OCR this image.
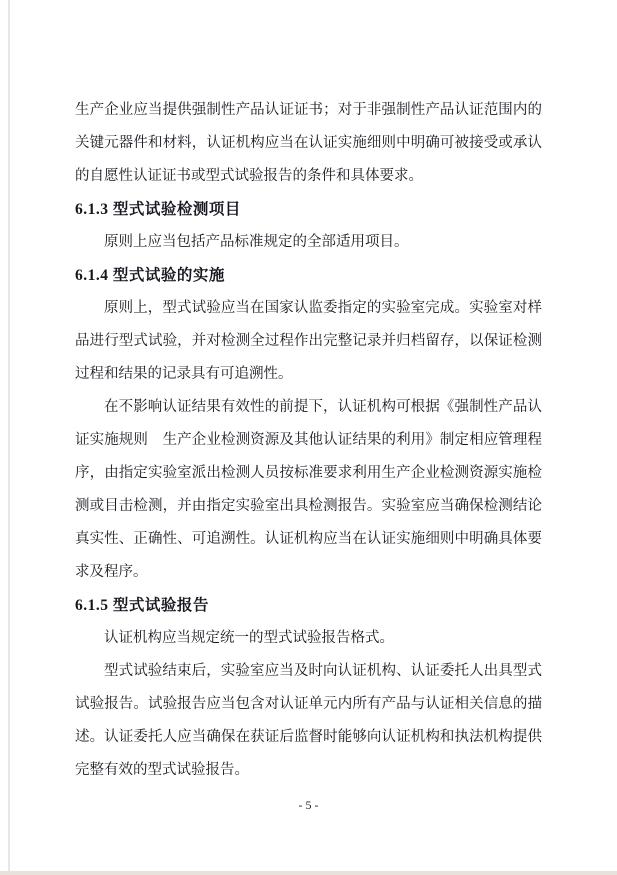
生产企业应当提供强制性产品认证证书；对于非强制性产品认证范围内的关键元器件和材料，认证机构应当在认证实施细则中明确可被接受或承认的自愿性认证证书或型式试验报告的条件和具体要求。

6.1.3 型式试验检测项目

原则上应当包括产品标准规定的全部适用项目。

6.1.4 型式试验的实施

原则上，型式试验应当在国家认监委指定的实验室完成。实验室对样品进行型式试验，并对检测全过程作出完整记录并归档留存，以保证检测过程和结果的记录具有可追溯性。

在不影响认证结果有效性的前提下，认证机构可根据《强制性产品认证实施规则　生产企业检测资源及其他认证结果的利用》制定相应管理程序，由指定实验室派出检测人员按标准要求利用生产企业检测资源实施检测或目击检测，并由指定实验室出具检测报告。实验室应当确保检测结论真实性、正确性、可追溯性。认证机构应当在认证实施细则中明确具体要求及程序。

6.1.5 型式试验报告

认证机构应当规定统一的型式试验报告格式。

型式试验结束后，实验室应当及时向认证机构、认证委托人出具型式试验报告。试验报告应当包含对认证单元内所有产品与认证相关信息的描述。认证委托人应当确保在获证后监督时能够向认证机构和执法机构提供完整有效的型式试验报告。

- 5 -
